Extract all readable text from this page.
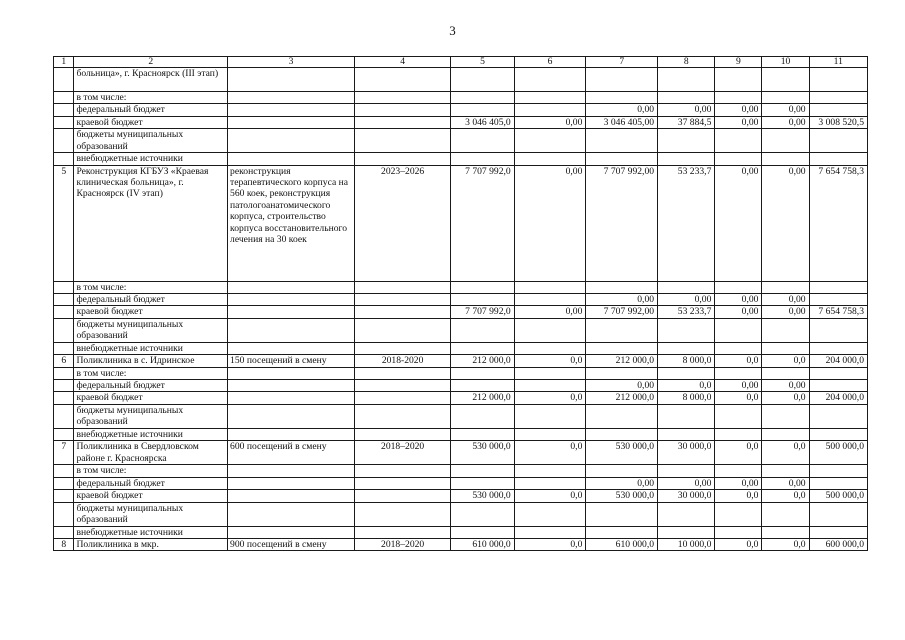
3
1	2	3	4	5	6	7	8	9	10	11
	больница», г. Красноярск (III этап)									
	в том числе:									
	федеральный бюджет					0,00	0,00	0,00	0,00	
	краевой бюджет			3 046 405,0	0,00	3 046 405,00	37 884,5	0,00	0,00	3 008 520,5
	бюджеты муниципальных образований									
	внебюджетные источники									
5	Реконструкция КГБУЗ «Краевая клиническая больница», г. Красноярск (IV этап)	реконструкция терапевтического корпуса на 560 коек, реконструкция патологоанатомического корпуса, строительство корпуса восстановительного лечения на 30 коек	2023–2026	7 707 992,0	0,00	7 707 992,00	53 233,7	0,00	0,00	7 654 758,3
	в том числе:									
	федеральный бюджет					0,00	0,00	0,00	0,00	
	краевой бюджет			7 707 992,0	0,00	7 707 992,00	53 233,7	0,00	0,00	7 654 758,3
	бюджеты муниципальных образований									
	внебюджетные источники									
6	Поликлиника в с. Идринское	150 посещений в смену	2018-2020	212 000,0	0,0	212 000,0	8 000,0	0,0	0,0	204 000,0
	в том числе:									
	федеральный бюджет					0,00	0,0	0,00	0,00	
	краевой бюджет			212 000,0	0,0	212 000,0	8 000,0	0,0	0,0	204 000,0
	бюджеты муниципальных образований									
	внебюджетные источники									
7	Поликлиника в Свердловском районе г. Красноярска	600 посещений в смену	2018–2020	530 000,0	0,0	530 000,0	30 000,0	0,0	0,0	500 000,0
	в том числе:									
	федеральный бюджет					0,00	0,00	0,00	0,00	
	краевой бюджет			530 000,0	0,0	530 000,0	30 000,0	0,0	0,0	500 000,0
	бюджеты муниципальных образований									
	внебюджетные источники									
8	Поликлиника в мкр.	900 посещений в смену	2018–2020	610 000,0	0,0	610 000,0	10 000,0	0,0	0,0	600 000,0
